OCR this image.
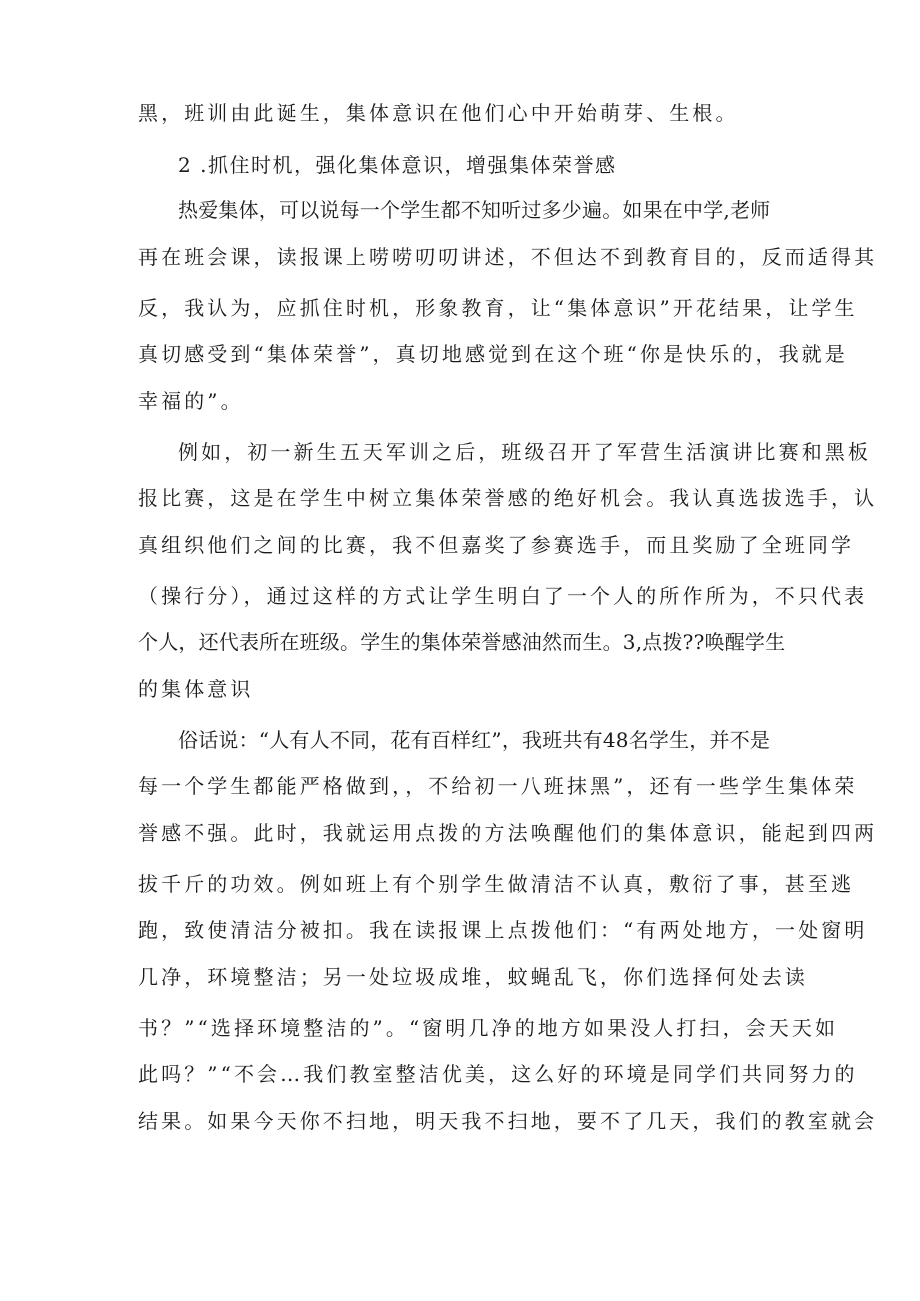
黑，班训由此诞生，集体意识在他们心中开始萌芽、生根。
2 .抓住时机，强化集体意识，增强集体荣誉感
热爱集体，可以说每一个学生都不知听过多少遍。如果在中学,老师
再在班会课，读报课上唠唠叨叨讲述，不但达不到教育目的，反而适得其
反，我认为，应抓住时机，形象教育，让“集体意识”开花结果，让学生
真切感受到“集体荣誉”，真切地感觉到在这个班“你是快乐的，我就是
幸福的”。
例如，初一新生五天军训之后，班级召开了军营生活演讲比赛和黑板
报比赛，这是在学生中树立集体荣誉感的绝好机会。我认真选拔选手，认
真组织他们之间的比赛，我不但嘉奖了参赛选手，而且奖励了全班同学
（操行分），通过这样的方式让学生明白了一个人的所作所为，不只代表
个人，还代表所在班级。学生的集体荣誉感油然而生。3,点拨??唤醒学生
的集体意识
俗话说：“人有人不同，花有百样红”，我班共有48名学生，并不是
每一个学生都能严格做到，，不给初一八班抹黑”，还有一些学生集体荣
誉感不强。此时，我就运用点拨的方法唤醒他们的集体意识，能起到四两
拔千斤的功效。例如班上有个别学生做清洁不认真，敷衍了事，甚至逃
跑，致使清洁分被扣。我在读报课上点拨他们：“有两处地方，一处窗明
几净，环境整洁；另一处垃圾成堆，蚊蝇乱飞，你们选择何处去读
书？”“选择环境整洁的”。“窗明几净的地方如果没人打扫，会天天如
此吗？”“不会…我们教室整洁优美，这么好的环境是同学们共同努力的
结果。如果今天你不扫地，明天我不扫地，要不了几天，我们的教室就会
